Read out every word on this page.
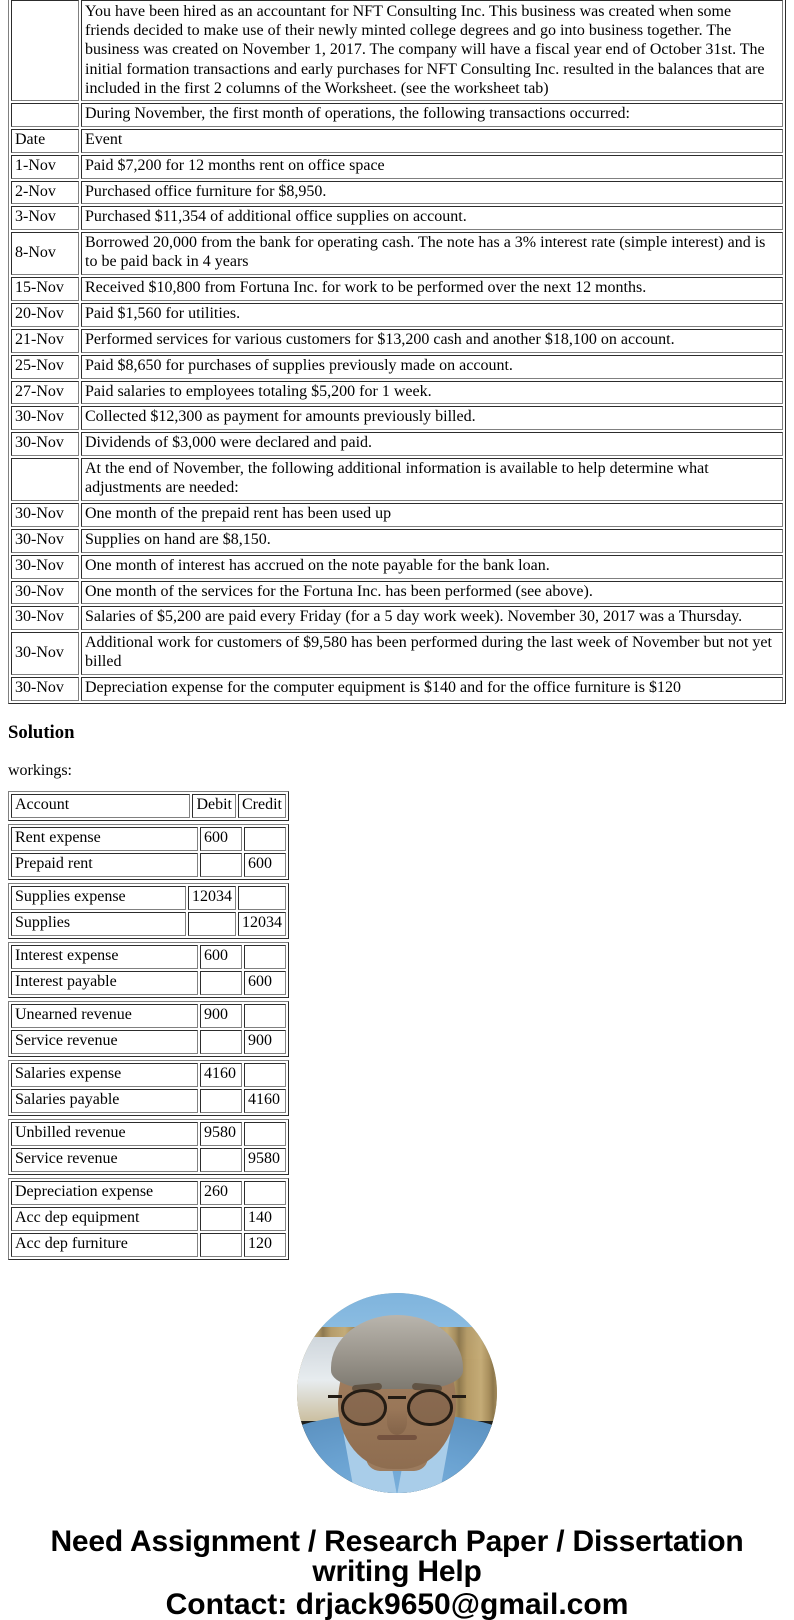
	You have been hired as an accountant for NFT Consulting Inc. This business was created when some friends decided to make use of their newly minted college degrees and go into business together. The business was created on November 1, 2017. The company will have a fiscal year end of October 31st. The initial formation transactions and early purchases for NFT Consulting Inc. resulted in the balances that are included in the first 2 columns of the Worksheet. (see the worksheet tab)
	During November, the first month of operations, the following transactions occurred:
Date	Event
1-Nov	Paid $7,200 for 12 months rent on office space
2-Nov	Purchased office furniture for $8,950.
3-Nov	Purchased $11,354 of additional office supplies on account.
8-Nov	Borrowed 20,000 from the bank for operating cash. The note has a 3% interest rate (simple interest) and is to be paid back in 4 years
15-Nov	Received $10,800 from Fortuna Inc. for work to be performed over the next 12 months.
20-Nov	Paid $1,560 for utilities.
21-Nov	Performed services for various customers for $13,200 cash and another $18,100 on account.
25-Nov	Paid $8,650 for purchases of supplies previously made on account.
27-Nov	Paid salaries to employees totaling $5,200 for 1 week.
30-Nov	Collected $12,300 as payment for amounts previously billed.
30-Nov	Dividends of $3,000 were declared and paid.
	At the end of November, the following additional information is available to help determine what adjustments are needed:
30-Nov	One month of the prepaid rent has been used up
30-Nov	Supplies on hand are $8,150.
30-Nov	One month of interest has accrued on the note payable for the bank loan.
30-Nov	One month of the services for the Fortuna Inc. has been performed (see above).
30-Nov	Salaries of $5,200 are paid every Friday (for a 5 day work week). November 30, 2017 was a Thursday.
30-Nov	Additional work for customers of $9,580 has been performed during the last week of November but not yet billed
30-Nov	Depreciation expense for the computer equipment is $140 and for the office furniture is $120
Solution

workings:

Account	Debit	Credit
Rent expense	600	
Prepaid rent		600
Supplies expense	12034	
Supplies		12034
Interest expense	600	
Interest payable		600
Unearned revenue	900	
Service revenue		900
Salaries expense	4160	
Salaries payable		4160
Unbilled revenue	9580	
Service revenue		9580
Depreciation expense	260	
Acc dep equipment		140
Acc dep furniture		120
Need Assignment / Research Paper / Dissertation writing Help
Contact: drjack9650@gmail.com
